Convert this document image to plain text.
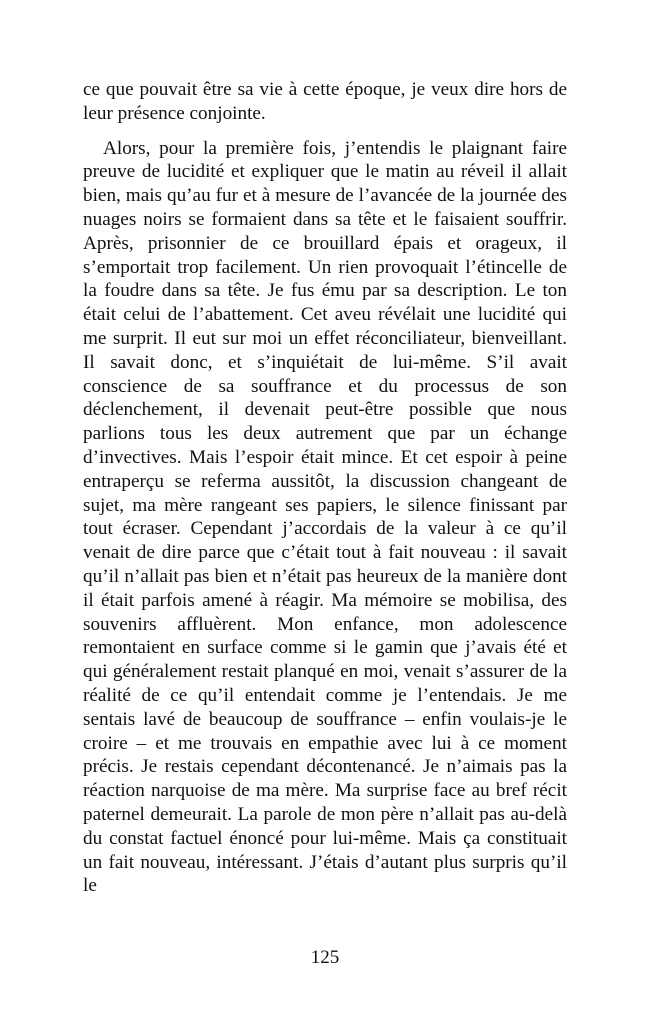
ce que pouvait être sa vie à cette époque, je veux dire hors de leur présence conjointe.

Alors, pour la première fois, j’entendis le plaignant faire preuve de lucidité et expliquer que le matin au réveil il allait bien, mais qu’au fur et à mesure de l’avancée de la journée des nuages noirs se formaient dans sa tête et le faisaient souffrir. Après, prisonnier de ce brouillard épais et orageux, il s’emportait trop facilement. Un rien provoquait l’étincelle de la foudre dans sa tête. Je fus ému par sa description. Le ton était celui de l’abattement. Cet aveu révélait une lucidité qui me surprit. Il eut sur moi un effet réconciliateur, bienveillant. Il savait donc, et s’inquiétait de lui-même. S’il avait conscience de sa souffrance et du processus de son déclenchement, il devenait peut-être possible que nous parlions tous les deux autrement que par un échange d’invectives. Mais l’espoir était mince. Et cet espoir à peine entraperçu se referma aussitôt, la discussion changeant de sujet, ma mère rangeant ses papiers, le silence finissant par tout écraser. Cependant j’accordais de la valeur à ce qu’il venait de dire parce que c’était tout à fait nouveau : il savait qu’il n’allait pas bien et n’était pas heureux de la manière dont il était parfois amené à réagir. Ma mémoire se mobilisa, des souvenirs affluèrent. Mon enfance, mon adolescence remontaient en surface comme si le gamin que j’avais été et qui généralement restait planqué en moi, venait s’assurer de la réalité de ce qu’il entendait comme je l’entendais. Je me sentais lavé de beaucoup de souffrance – enfin voulais-je le croire – et me trouvais en empathie avec lui à ce moment précis. Je restais cependant décontenancé. Je n’aimais pas la réaction narquoise de ma mère. Ma surprise face au bref récit paternel demeurait. La parole de mon père n’allait pas au-delà du constat factuel énoncé pour lui-même. Mais ça constituait un fait nouveau, intéressant. J’étais d’autant plus surpris qu’il le

125
